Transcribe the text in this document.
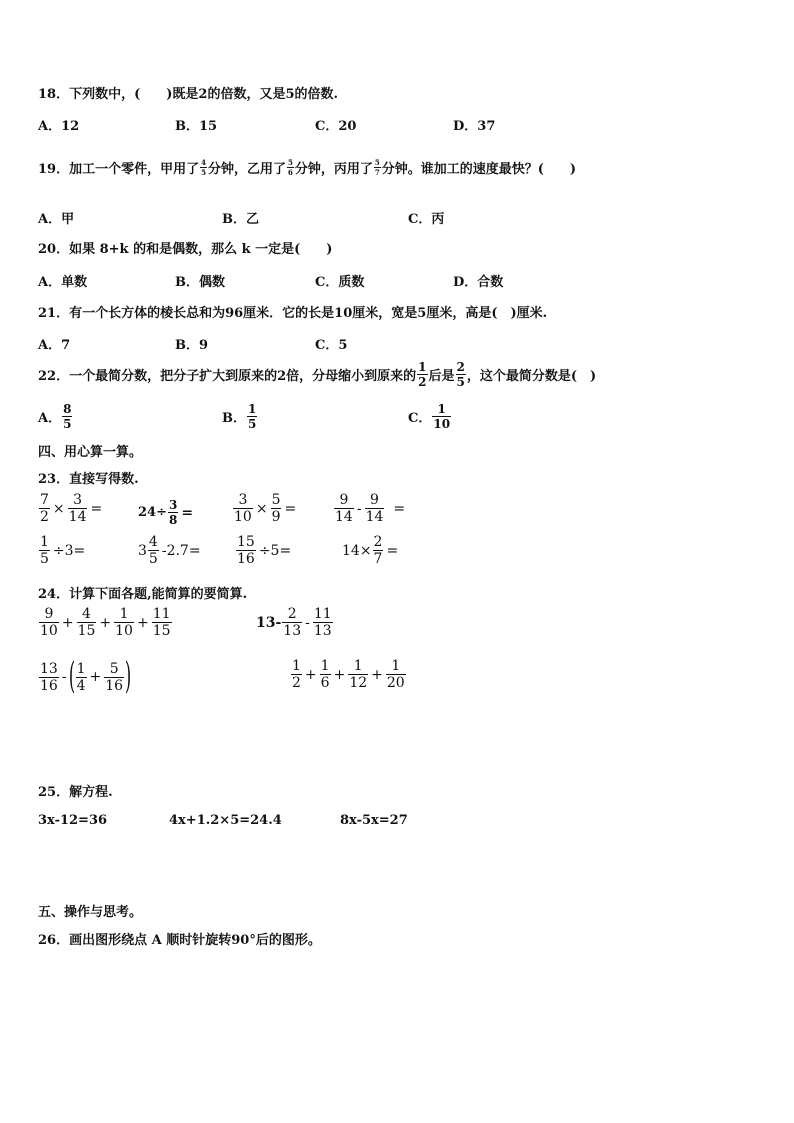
18．下列数中，(　　)既是2的倍数，又是5的倍数.
A．12	B．15	C．20	D．37
19．加工一个零件，甲用了 $\frac{4}{5}$ 分钟，乙用了 $\frac{5}{6}$ 分钟，丙用了 $\frac{5}{7}$ 分钟。谁加工的速度最快？(　　)
A．甲	B．乙	C．丙
20．如果 8+k 的和是偶数，那么 k 一定是(　　)
A．单数	B．偶数	C．质数	D．合数
21．有一个长方体的棱长总和为96厘米．它的长是10厘米，宽是5厘米，高是(　)厘米.
A．7	B．9	C．5
22．一个最简分数，把分子扩大到原来的2倍，分母缩小到原来的 $\frac{1}{2}$ 后是 $\frac{2}{5}$ ，这个最简分数是(　)
A． $\frac{8}{5}$	B． $\frac{1}{5}$	C． $\frac{1}{10}$
四、用心算一算。
23．直接写得数.
$\frac{7}{2} \times \frac{3}{14}$ =	$24\div \frac{3}{8}$ =	$\frac{3}{10} \times \frac{5}{9}$ =	$\frac{9}{14} - \frac{9}{14}$ =
$\frac{1}{5} \div 3=$	$3 \frac{4}{5} -2.7=$	$\frac{15}{16} \div 5=$	$14\times \frac{2}{7}$ =
24．计算下面各题,能简算的要简算.
$\frac{9}{10} + \frac{4}{15} + \frac{1}{10} + \frac{11}{15}$	$13- \frac{2}{13} - \frac{11}{13}$
$\frac{13}{16}$ - ( $\frac{1}{4} + \frac{5}{16}$ )	$\frac{1}{2} + \frac{1}{6} + \frac{1}{12} + \frac{1}{20}$
25．解方程.
3x-12=36	4x+1.2×5=24.4	8x-5x=27
五、操作与思考。
26．画出图形绕点 A 顺时针旋转90°后的图形。
